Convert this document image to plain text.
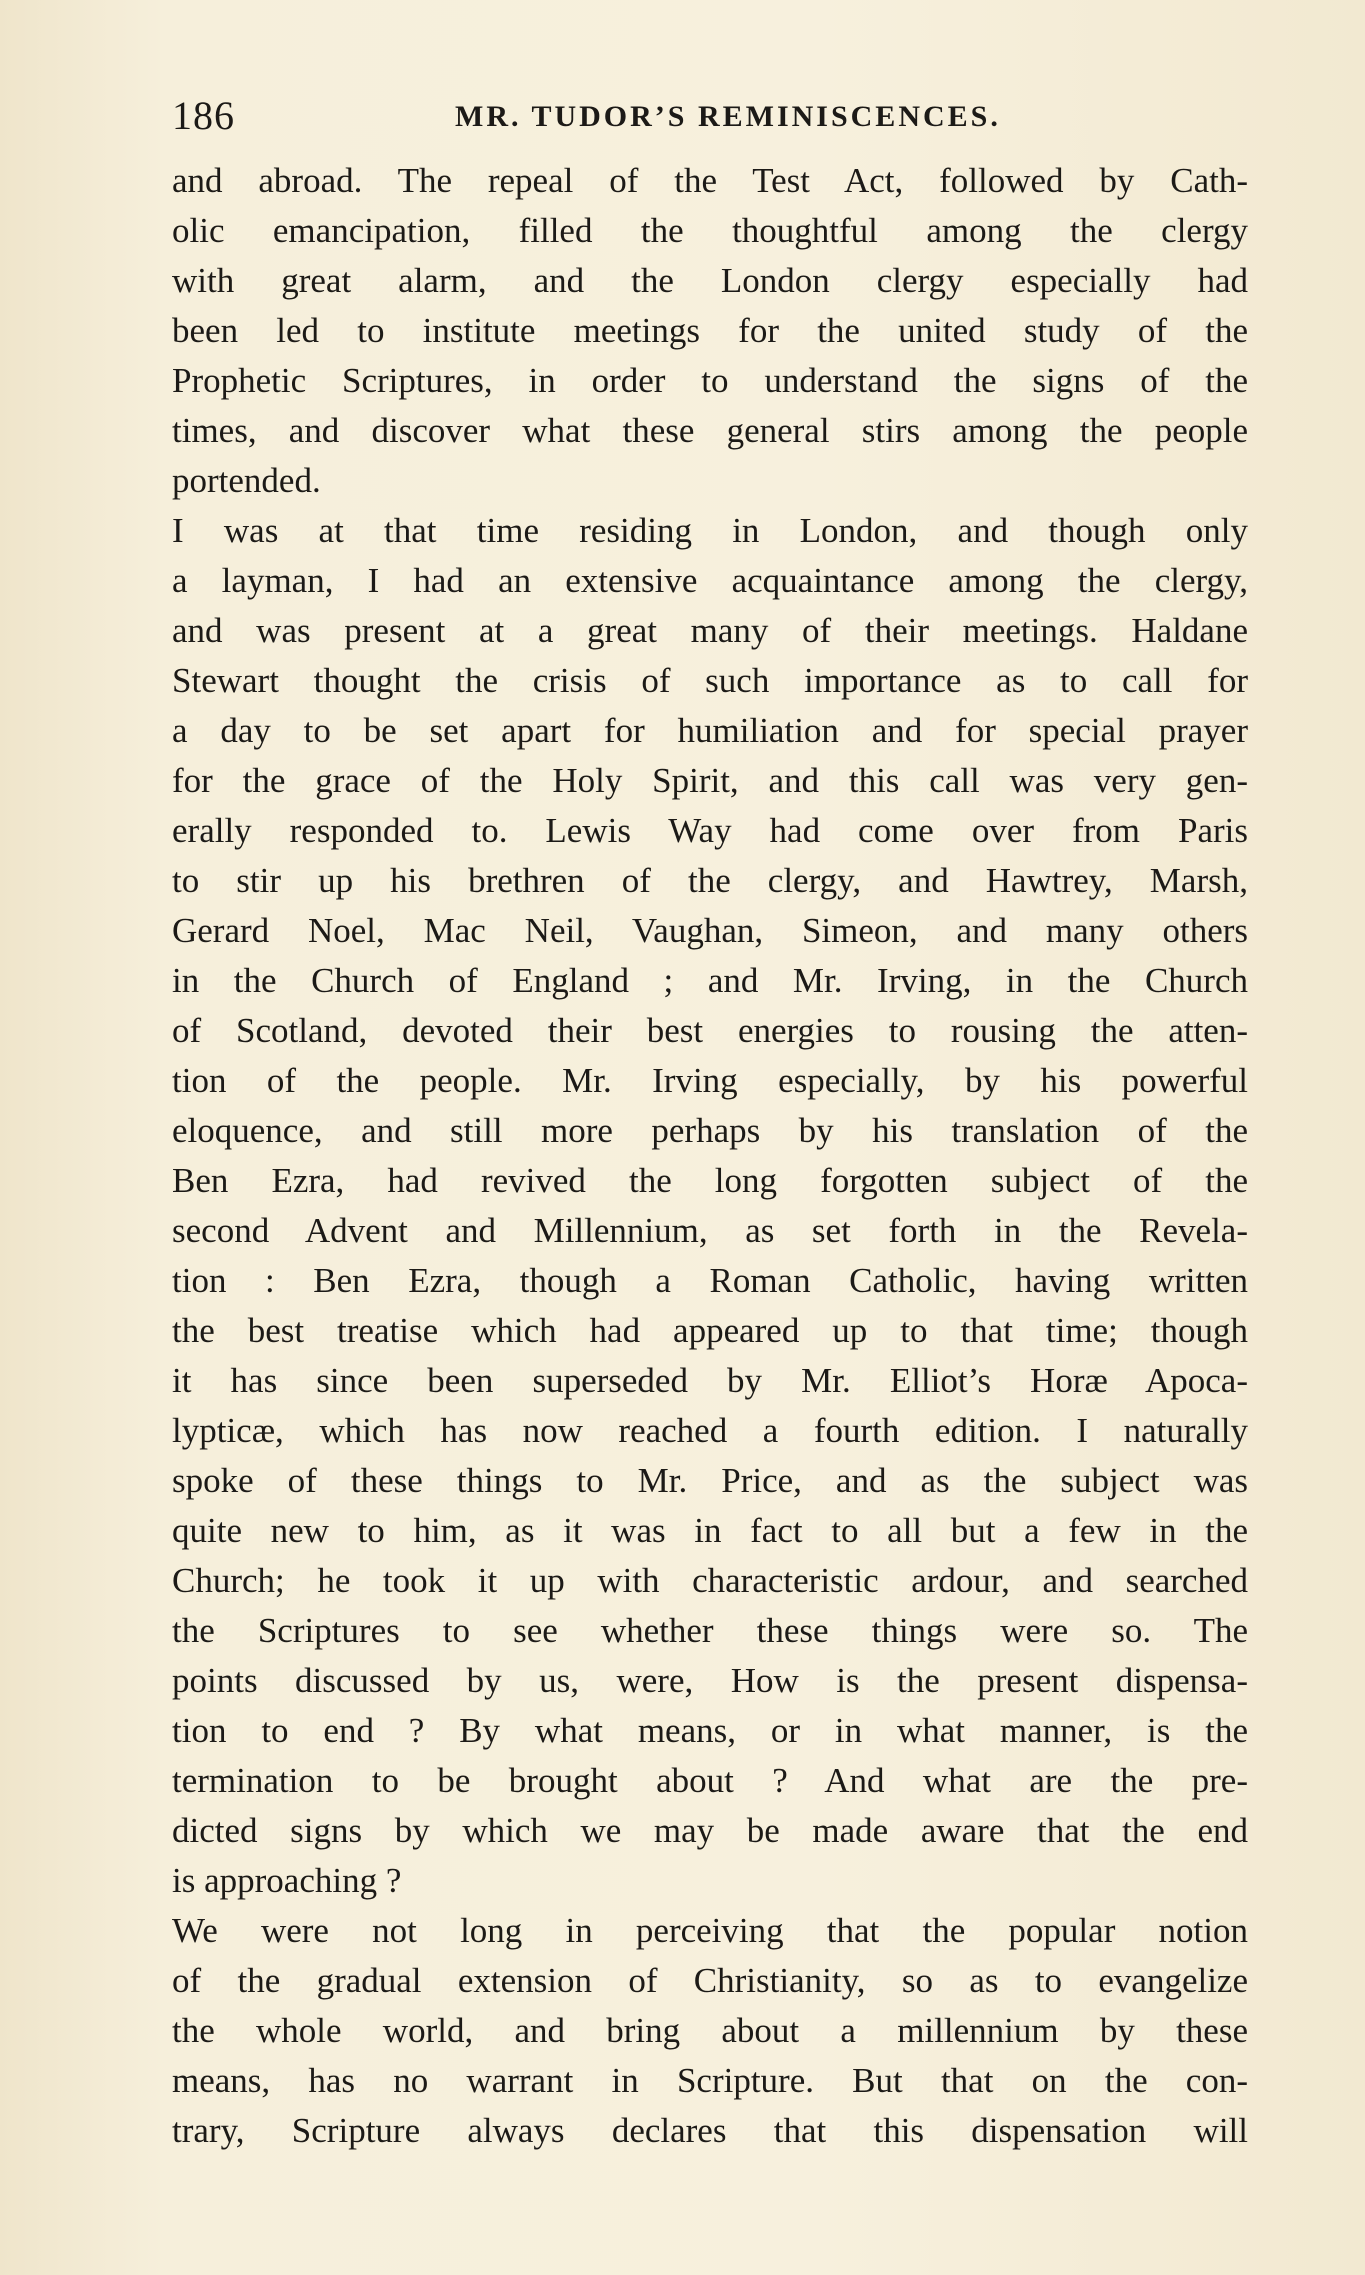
186	MR. TUDOR’S REMINISCENCES.
and abroad. The repeal of the Test Act, followed by Cath-
olic emancipation, filled the thoughtful among the clergy
with great alarm, and the London clergy especially had
been led to institute meetings for the united study of the
Prophetic Scriptures, in order to understand the signs of the
times, and discover what these general stirs among the people
portended.
I was at that time residing in London, and though only
a layman, I had an extensive acquaintance among the clergy,
and was present at a great many of their meetings. Haldane
Stewart thought the crisis of such importance as to call for
a day to be set apart for humiliation and for special prayer
for the grace of the Holy Spirit, and this call was very gen-
erally responded to. Lewis Way had come over from Paris
to stir up his brethren of the clergy, and Hawtrey, Marsh,
Gerard Noel, Mac Neil, Vaughan, Simeon, and many others
in the Church of England ; and Mr. Irving, in the Church
of Scotland, devoted their best energies to rousing the atten-
tion of the people. Mr. Irving especially, by his powerful
eloquence, and still more perhaps by his translation of the
Ben Ezra, had revived the long forgotten subject of the
second Advent and Millennium, as set forth in the Revela-
tion : Ben Ezra, though a Roman Catholic, having written
the best treatise which had appeared up to that time; though
it has since been superseded by Mr. Elliot’s Horæ Apoca-
lypticæ, which has now reached a fourth edition. I naturally
spoke of these things to Mr. Price, and as the subject was
quite new to him, as it was in fact to all but a few in the
Church; he took it up with characteristic ardour, and searched
the Scriptures to see whether these things were so. The
points discussed by us, were, How is the present dispensa-
tion to end ? By what means, or in what manner, is the
termination to be brought about ? And what are the pre-
dicted signs by which we may be made aware that the end
is approaching ?
We were not long in perceiving that the popular notion
of the gradual extension of Christianity, so as to evangelize
the whole world, and bring about a millennium by these
means, has no warrant in Scripture. But that on the con-
trary, Scripture always declares that this dispensation will
